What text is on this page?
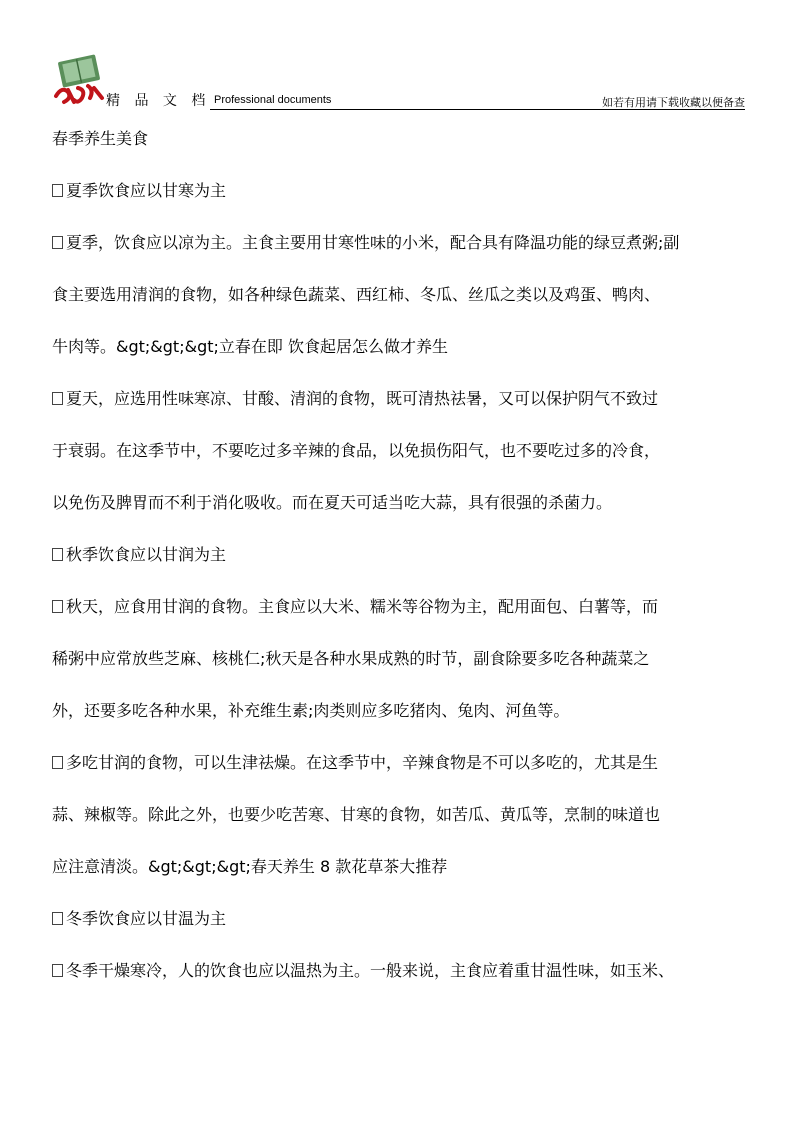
精 品 文 档 Professional documents	如若有用请下载收藏以便备查
春季养生美食
夏季饮食应以甘寒为主
夏季，饮食应以凉为主。主食主要用甘寒性味的小米，配合具有降温功能的绿豆煮粥;副
食主要选用清润的食物，如各种绿色蔬菜、西红柿、冬瓜、丝瓜之类以及鸡蛋、鸭肉、
牛肉等。&gt;&gt;&gt;立春在即 饮食起居怎么做才养生
夏天，应选用性味寒凉、甘酸、清润的食物，既可清热祛暑，又可以保护阴气不致过
于衰弱。在这季节中，不要吃过多辛辣的食品，以免损伤阳气，也不要吃过多的冷食，
以免伤及脾胃而不利于消化吸收。而在夏天可适当吃大蒜，具有很强的杀菌力。
秋季饮食应以甘润为主
秋天，应食用甘润的食物。主食应以大米、糯米等谷物为主，配用面包、白薯等，而
稀粥中应常放些芝麻、核桃仁;秋天是各种水果成熟的时节，副食除要多吃各种蔬菜之
外，还要多吃各种水果，补充维生素;肉类则应多吃猪肉、兔肉、河鱼等。
多吃甘润的食物，可以生津祛燥。在这季节中，辛辣食物是不可以多吃的，尤其是生
蒜、辣椒等。除此之外，也要少吃苦寒、甘寒的食物，如苦瓜、黄瓜等，烹制的味道也
应注意清淡。&gt;&gt;&gt;春天养生 8 款花草茶大推荐
冬季饮食应以甘温为主
冬季干燥寒冷，人的饮食也应以温热为主。一般来说，主食应着重甘温性味，如玉米、
